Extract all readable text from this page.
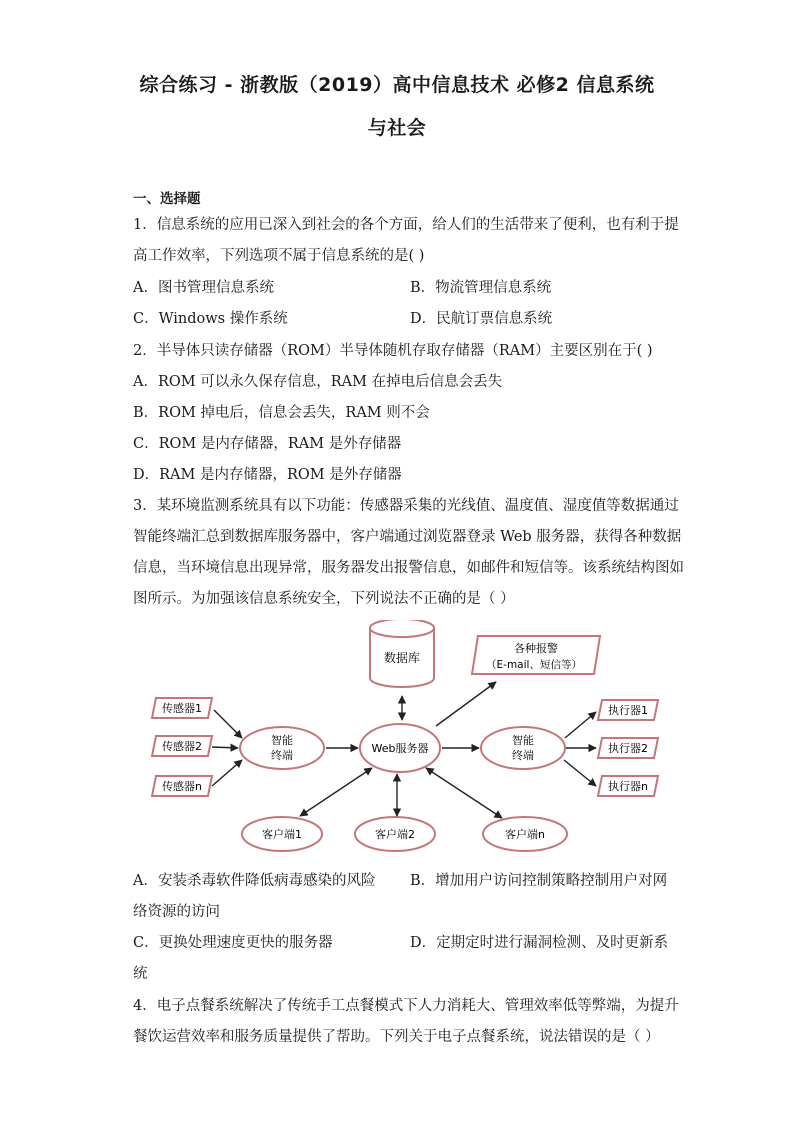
综合练习 - 浙教版（2019）高中信息技术 必修2 信息系统
与社会
一、选择题
1．信息系统的应用已深入到社会的各个方面，给人们的生活带来了便利，也有利于提
高工作效率，下列选项不属于信息系统的是( )
A．图书管理信息系统	B．物流管理信息系统
C．Windows 操作系统	D．民航订票信息系统
2．半导体只读存储器（ROM）半导体随机存取存储器（RAM）主要区别在于( )
A．ROM 可以永久保存信息，RAM 在掉电后信息会丢失
B．ROM 掉电后，信息会丢失，RAM 则不会
C．ROM 是内存储器，RAM 是外存储器
D．RAM 是内存储器，ROM 是外存储器
3．某环境监测系统具有以下功能：传感器采集的光线值、温度值、湿度值等数据通过
智能终端汇总到数据库服务器中，客户端通过浏览器登录 Web 服务器，获得各种数据
信息，当环境信息出现异常，服务器发出报警信息，如邮件和短信等。该系统结构图如
图所示。为加强该信息系统安全，下列说法不正确的是（ ）
数据库
各种报警
（E-mail、短信等）
传感器1
传感器2
传感器n
智能
终端
Web服务器
智能
终端
执行器1
执行器2
执行器n
客户端1	客户端2	客户端n
A．安装杀毒软件降低病毒感染的风险 B．增加用户访问控制策略控制用户对网
络资源的访问
C．更换处理速度更快的服务器	D．定期定时进行漏洞检测、及时更新系
统
4．电子点餐系统解决了传统手工点餐模式下人力消耗大、管理效率低等弊端，为提升
餐饮运营效率和服务质量提供了帮助。下列关于电子点餐系统，说法错误的是（ ）
